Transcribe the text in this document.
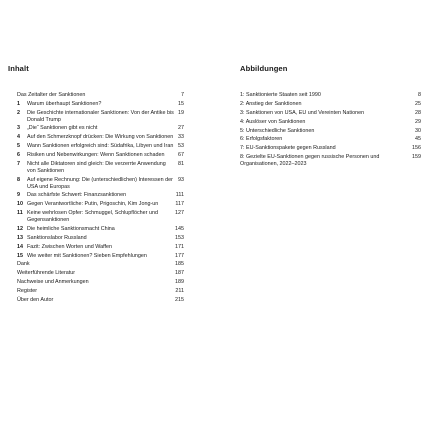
Inhalt	Abbildungen
Das Zeitalter der Sanktionen	7
1	Warum überhaupt Sanktionen?	15
2	Die Geschichte internationaler Sanktionen: Von der Antike bis Donald Trump
19
3	„Die“ Sanktionen gibt es nicht	27
4	Auf den Schmerzknopf drücken: Die Wirkung von Sanktionen 33
5	Wann Sanktionen erfolgreich sind: Südafrika, Libyen und Iran 53
6	Risiken und Nebenwirkungen: Wenn Sanktionen schaden	67
7	Nicht alle Diktatoren sind gleich: Die verzerrte Anwendung von Sanktionen
81
8	Auf eigene Rechnung: Die (unterschiedlichen) Interessen der USA und Europas
93
9	Das schärfste Schwert: Finanzsanktionen	111
10 Gegen Verantwortliche: Putin, Prigoschin, Kim Jong-un	117
11 Keine wehrlosen Opfer: Schmuggel, Schlupflöcher und Gegensanktionen
127
12 Die heimliche Sanktionsmacht China	145
13 Sanktionslabor Russland	153
14 Fazit: Zwischen Worten und Waffen	171
15 Wie weiter mit Sanktionen? Sieben Empfehlungen	177
Dank	185
Weiterführende Literatur	187
Nachweise und Anmerkungen	189
Register	211
Über den Autor	215
1: Sanktionierte Staaten seit 1990	8
2: Anstieg der Sanktionen	25
3: Sanktionen von USA, EU und Vereinten Nationen	28
4: Auslöser von Sanktionen	29
5: Unterschiedliche Sanktionen	30
6: Erfolgsfaktoren	45
7: EU-Sanktionspakete gegen Russland	156
8: Gezielte EU-Sanktionen gegen russische Personen und Organisationen, 2022–2023
159
